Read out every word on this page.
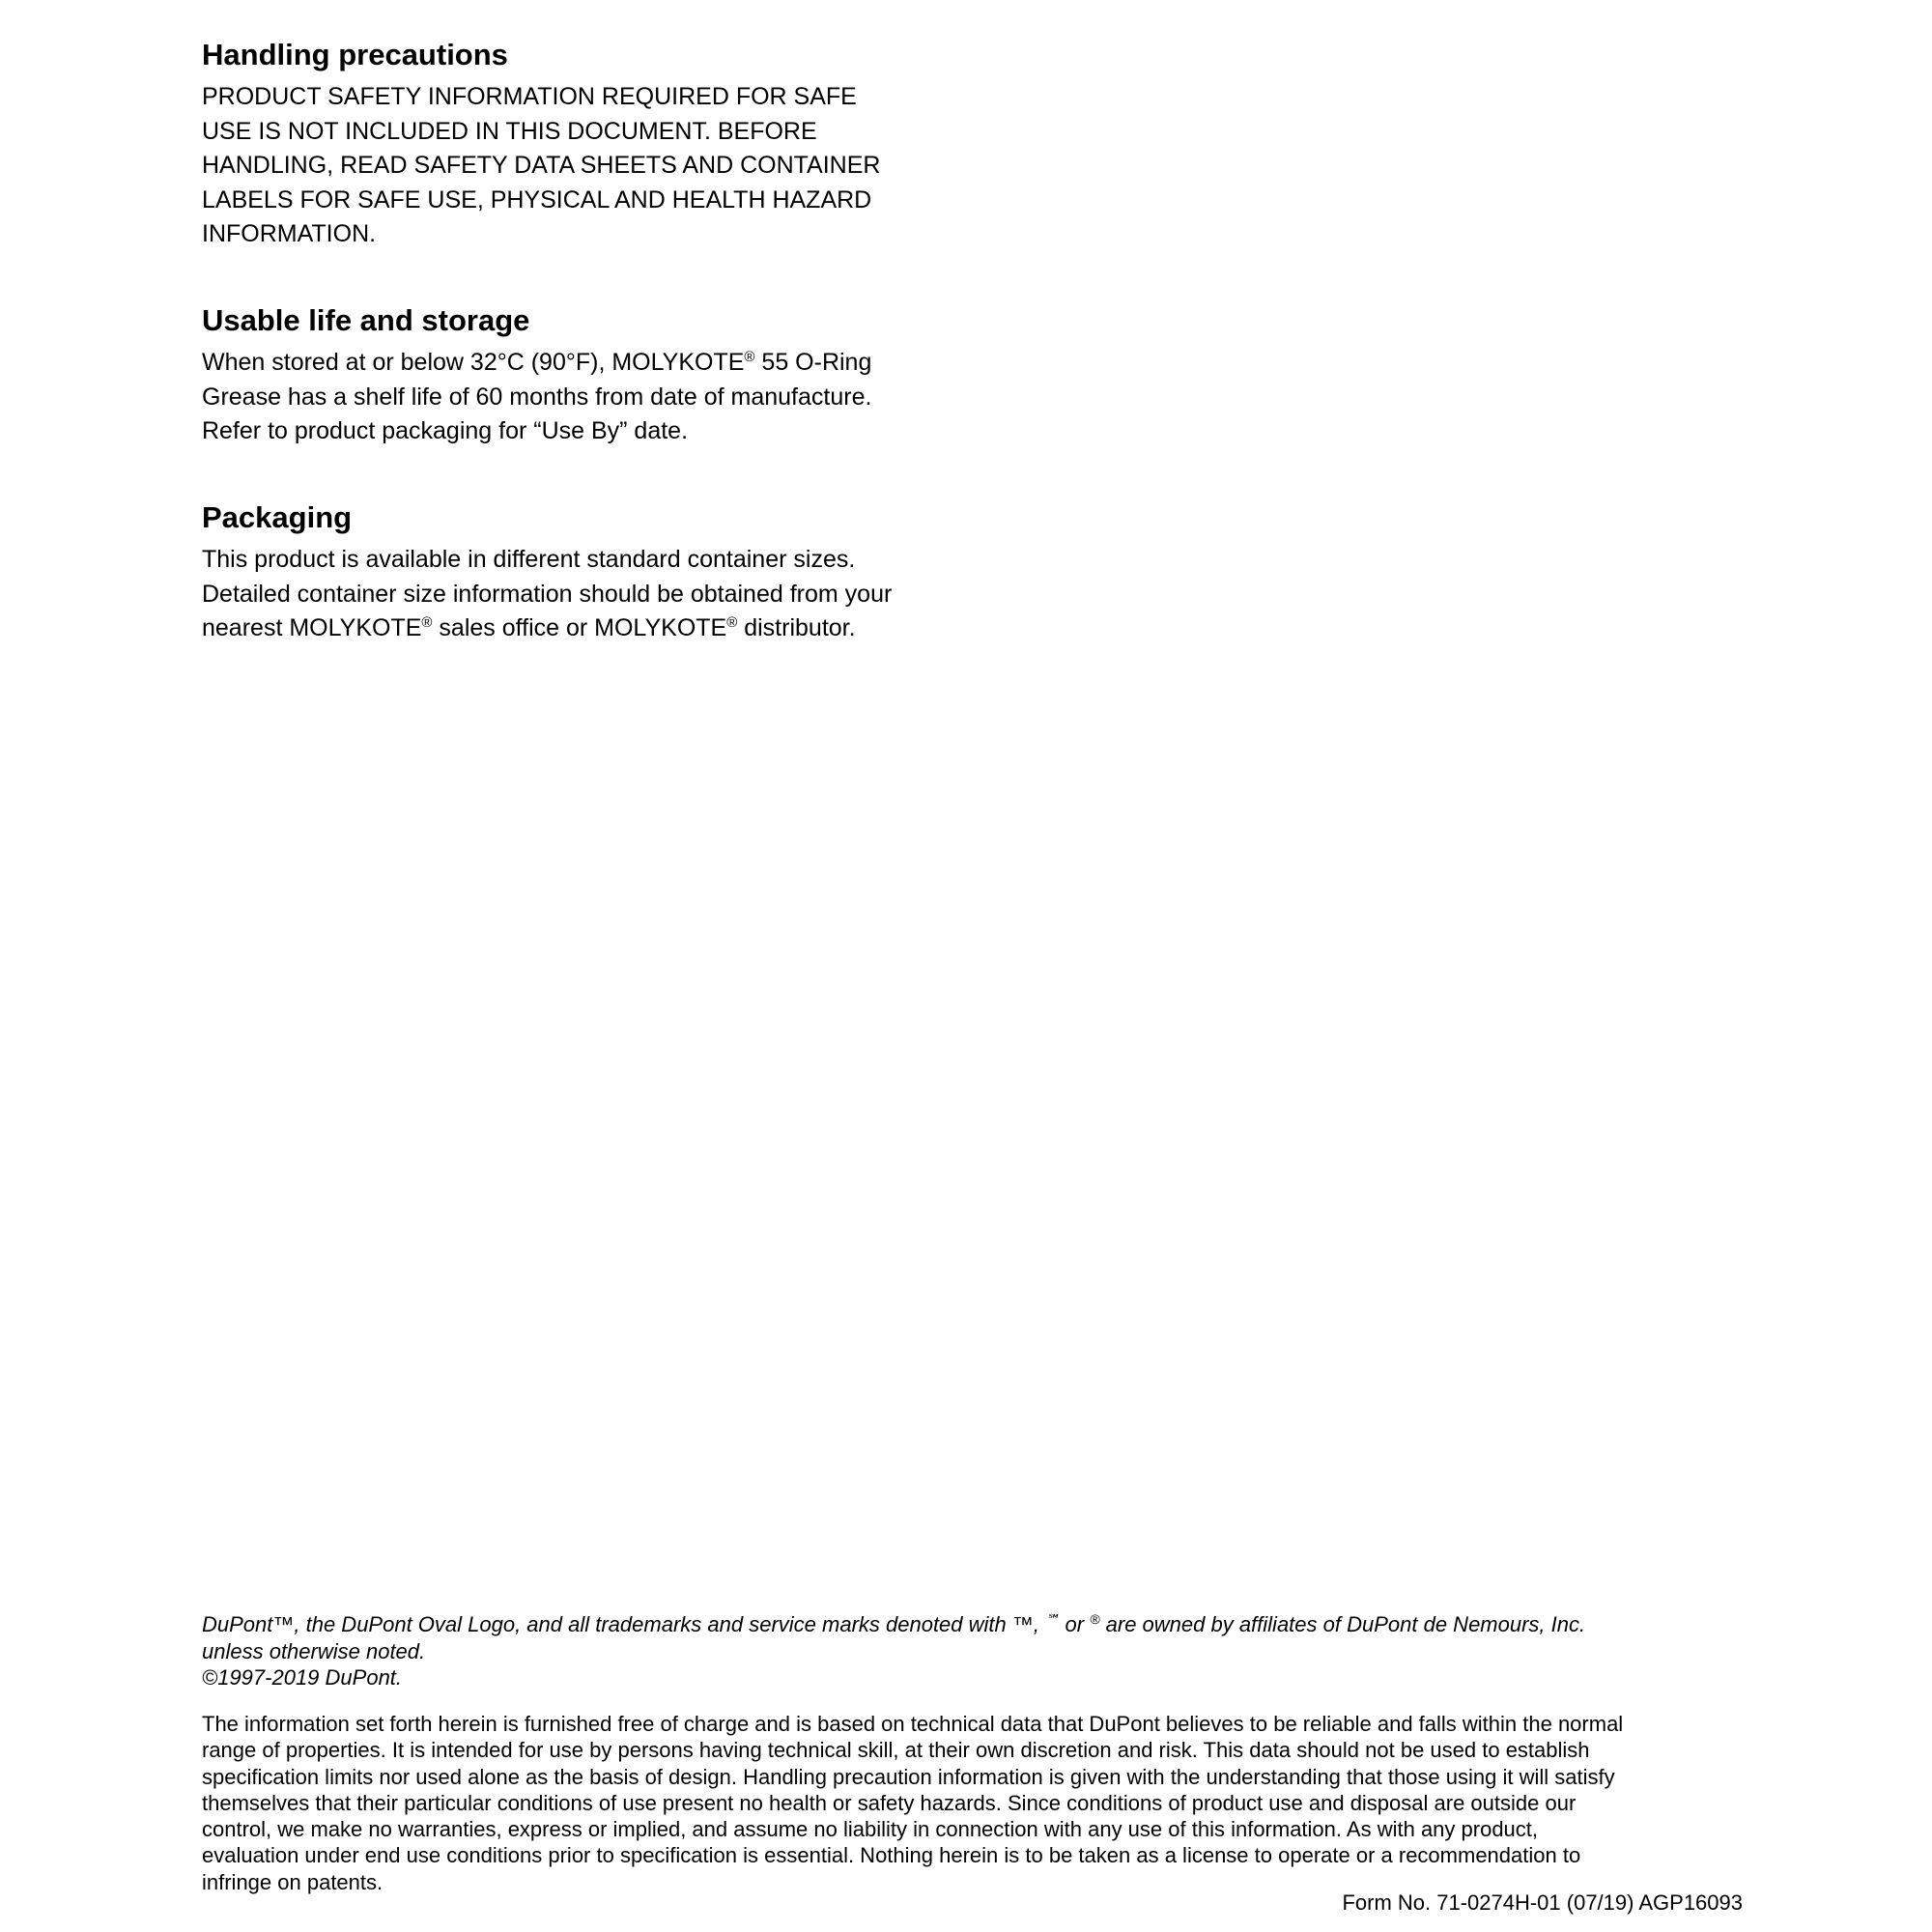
Handling precautions
PRODUCT SAFETY INFORMATION REQUIRED FOR SAFE
USE IS NOT INCLUDED IN THIS DOCUMENT. BEFORE
HANDLING, READ SAFETY DATA SHEETS AND CONTAINER
LABELS FOR SAFE USE, PHYSICAL AND HEALTH HAZARD
INFORMATION.
Usable life and storage
When stored at or below 32°C (90°F), MOLYKOTE® 55 O-Ring
Grease has a shelf life of 60 months from date of manufacture.
Refer to product packaging for “Use By” date.
Packaging
This product is available in different standard container sizes.
Detailed container size information should be obtained from your
nearest MOLYKOTE® sales office or MOLYKOTE® distributor.
DuPont™, the DuPont Oval Logo, and all trademarks and service marks denoted with ™, ℠ or ® are owned by affiliates of DuPont de Nemours, Inc.
unless otherwise noted.
©1997-2019 DuPont.
The information set forth herein is furnished free of charge and is based on technical data that DuPont believes to be reliable and falls within the normal
range of properties. It is intended for use by persons having technical skill, at their own discretion and risk. This data should not be used to establish
specification limits nor used alone as the basis of design. Handling precaution information is given with the understanding that those using it will satisfy
themselves that their particular conditions of use present no health or safety hazards. Since conditions of product use and disposal are outside our
control, we make no warranties, express or implied, and assume no liability in connection with any use of this information. As with any product,
evaluation under end use conditions prior to specification is essential. Nothing herein is to be taken as a license to operate or a recommendation to
infringe on patents.
Form No. 71-0274H-01 (07/19) AGP16093
